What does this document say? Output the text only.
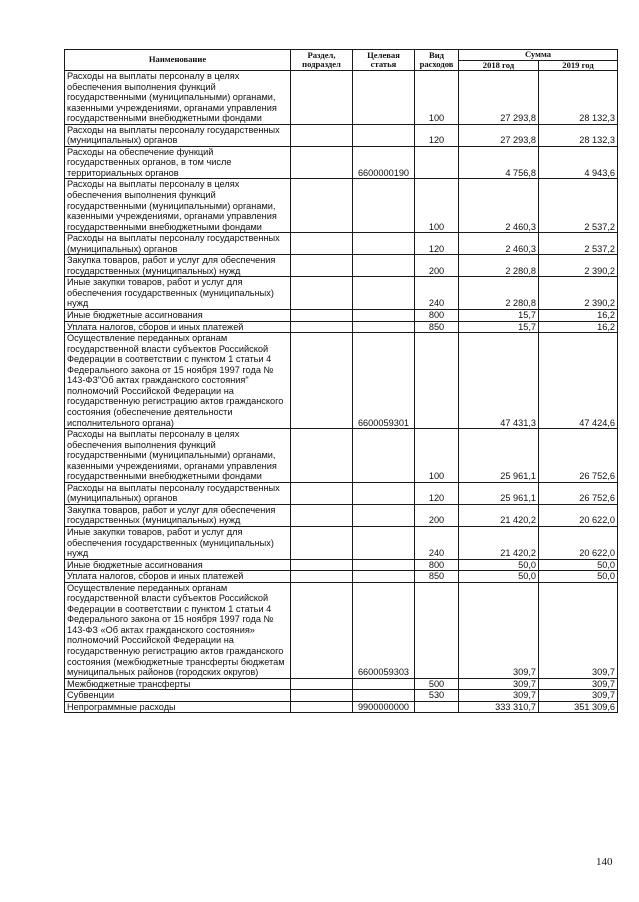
Наименование	Раздел, подраздел	Целевая статья	Вид расходов	Сумма	
				2018 год	2019 год
Расходы на выплаты персоналу в целях обеспечения выполнения функций государственными (муниципальными) органами, казенными учреждениями, органами управления государственными внебюджетными фондами			100	27 293,8	28 132,3
Расходы на выплаты персоналу государственных (муниципальных) органов			120	27 293,8	28 132,3
Расходы на обеспечение функций государственных органов, в том числе территориальных органов		6600000190		4 756,8	4 943,6
Расходы на выплаты персоналу в целях обеспечения выполнения функций государственными (муниципальными) органами, казенными учреждениями, органами управления государственными внебюджетными фондами			100	2 460,3	2 537,2
Расходы на выплаты персоналу государственных (муниципальных) органов			120	2 460,3	2 537,2
Закупка товаров, работ и услуг для обеспечения государственных (муниципальных) нужд			200	2 280,8	2 390,2
Иные закупки товаров, работ и услуг для обеспечения государственных (муниципальных) нужд			240	2 280,8	2 390,2
Иные бюджетные ассигнования			800	15,7	16,2
Уплата налогов, сборов и иных платежей			850	15,7	16,2
Осуществление переданных органам государственной власти субъектов Российской Федерации в соответствии с пунктом 1 статьи 4 Федерального закона от 15 ноября 1997 года № 143-ФЗ"Об актах гражданского состояния" полномочий Российской Федерации на государственную регистрацию актов гражданского состояния (обеспечение деятельности исполнительного органа)		6600059301		47 431,3	47 424,6
Расходы на выплаты персоналу в целях обеспечения выполнения функций государственными (муниципальными) органами, казенными учреждениями, органами управления государственными внебюджетными фондами			100	25 961,1	26 752,6
Расходы на выплаты персоналу государственных (муниципальных) органов			120	25 961,1	26 752,6
Закупка товаров, работ и услуг для обеспечения государственных (муниципальных) нужд			200	21 420,2	20 622,0
Иные закупки товаров, работ и услуг для обеспечения государственных (муниципальных) нужд			240	21 420,2	20 622,0
Иные бюджетные ассигнования			800	50,0	50,0
Уплата налогов, сборов и иных платежей			850	50,0	50,0
Осуществление переданных органам государственной власти субъектов Российской Федерации в соответствии с пунктом 1 статьи 4 Федерального закона от 15 ноября 1997 года № 143-ФЗ «Об актах гражданского состояния» полномочий Российской Федерации на государственную регистрацию актов гражданского состояния (межбюджетные трансферты бюджетам муниципальных районов (городских округов)		6600059303		309,7	309,7
Межбюджетные трансферты			500	309,7	309,7
Субвенции			530	309,7	309,7
Непрограммные расходы		9900000000		333 310,7	351 309,6
140
